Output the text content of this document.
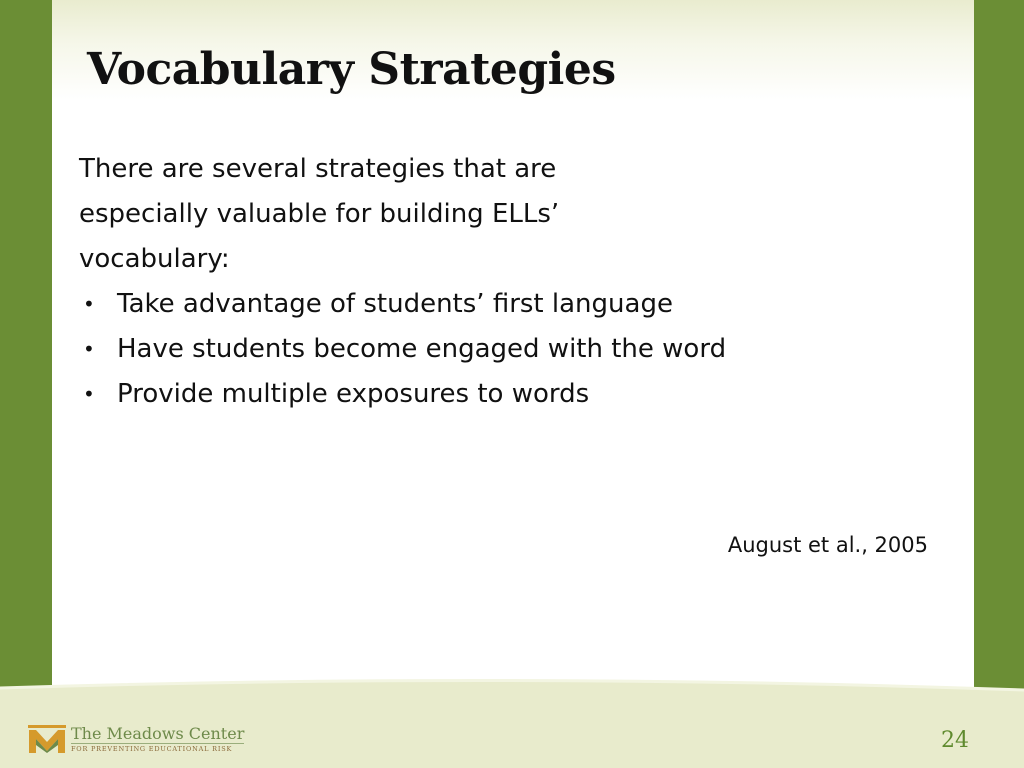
Vocabulary Strategies

There are several strategies that are especially valuable for building ELLs’ vocabulary:

• Take advantage of students’ first language
• Have students become engaged with the word
• Provide multiple exposures to words
August et al., 2005
The Meadows Center
FOR PREVENTING EDUCATIONAL RISK	24
